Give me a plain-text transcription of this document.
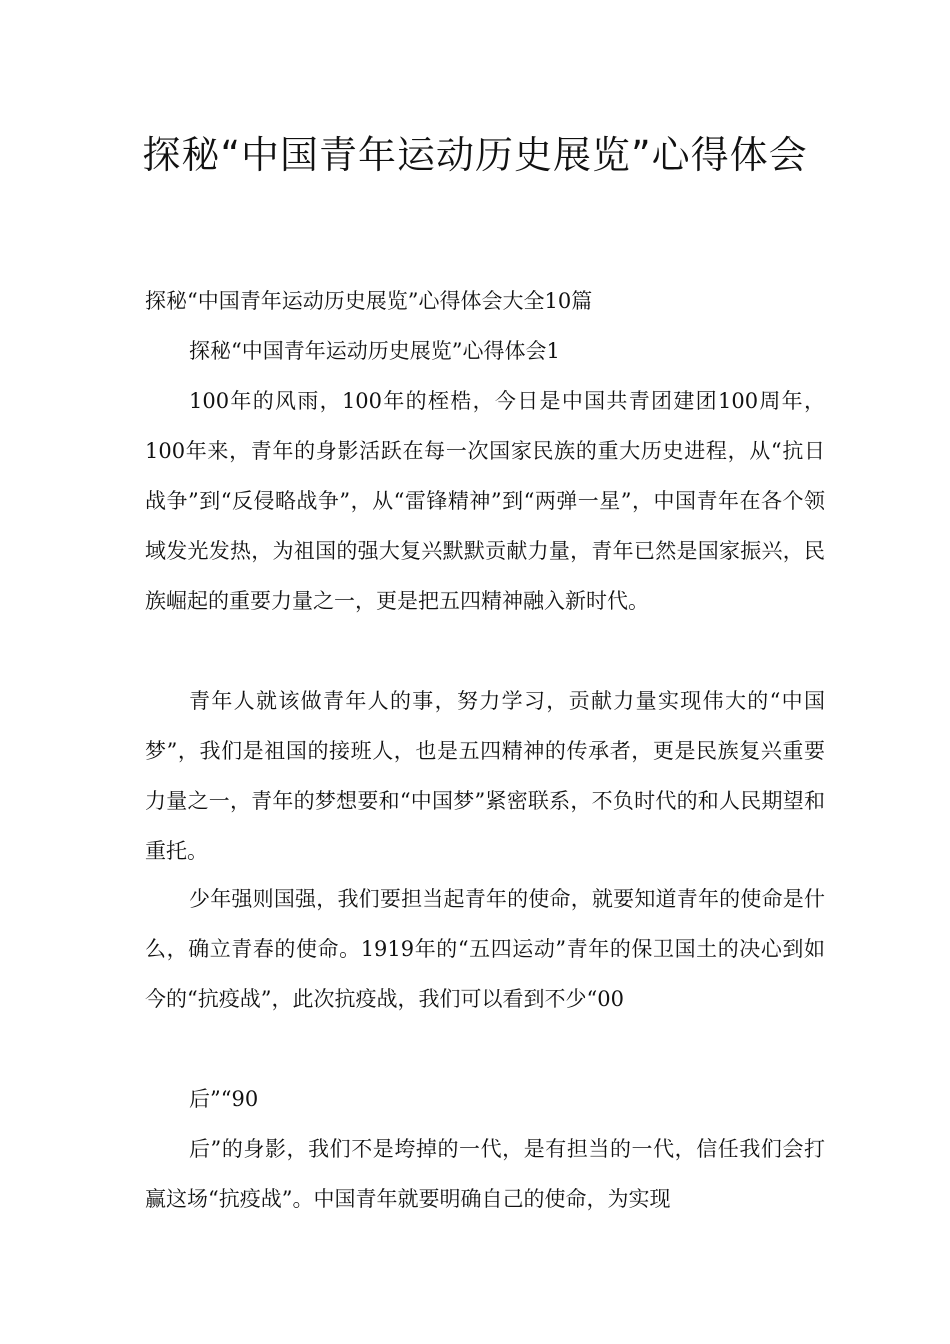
探秘“中国青年运动历史展览”心得体会

探秘“中国青年运动历史展览”心得体会大全10篇

探秘“中国青年运动历史展览”心得体会1

100年的风雨，100年的桎梏，今日是中国共青团建团100周年，100年来，青年的身影活跃在每一次国家民族的重大历史进程，从“抗日战争”到“反侵略战争”，从“雷锋精神”到“两弹一星”，中国青年在各个领域发光发热，为祖国的强大复兴默默贡献力量，青年已然是国家振兴，民族崛起的重要力量之一，更是把五四精神融入新时代。

青年人就该做青年人的事，努力学习，贡献力量实现伟大的“中国梦”，我们是祖国的接班人，也是五四精神的传承者，更是民族复兴重要力量之一，青年的梦想要和“中国梦”紧密联系，不负时代的和人民期望和重托。

少年强则国强，我们要担当起青年的使命，就要知道青年的使命是什么，确立青春的使命。1919年的“五四运动”青年的保卫国土的决心到如今的“抗疫战”，此次抗疫战，我们可以看到不少“00

后”“90

后”的身影，我们不是垮掉的一代，是有担当的一代，信任我们会打赢这场“抗疫战”。中国青年就要明确自己的使命，为实现
